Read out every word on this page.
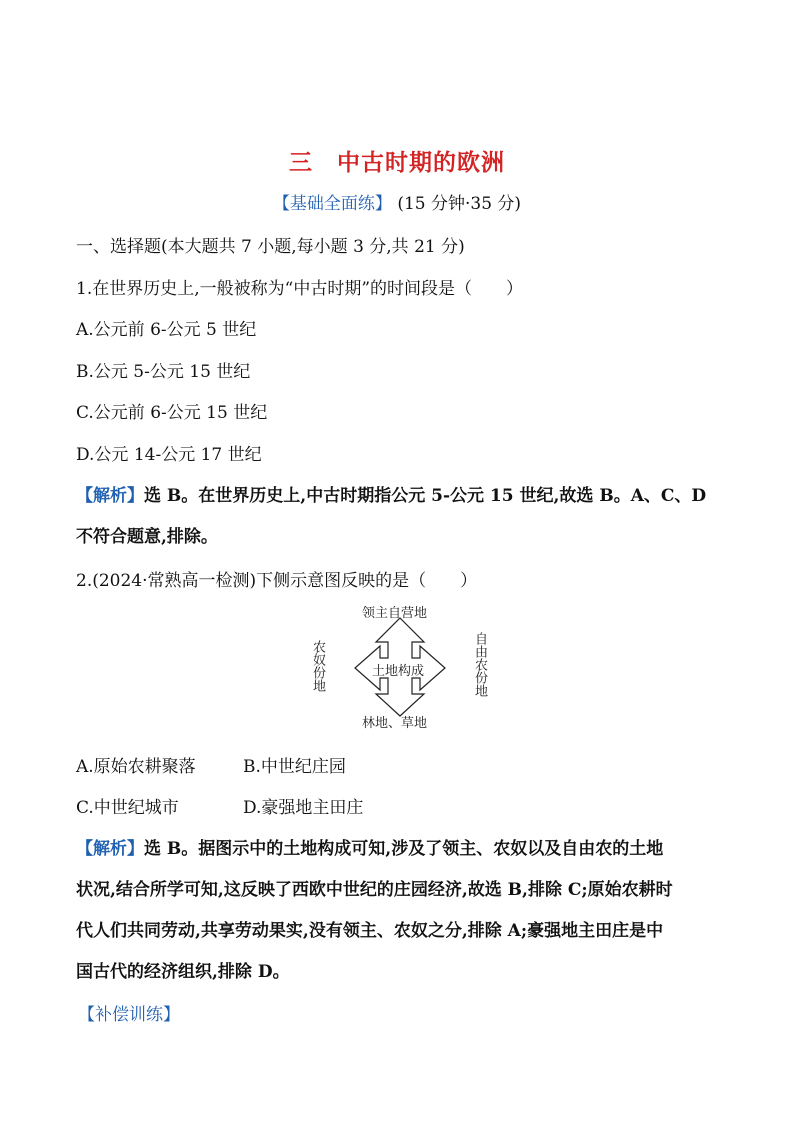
三　中古时期的欧洲
【基础全面练】 (15 分钟·35 分)
一、选择题(本大题共 7 小题,每小题 3 分,共 21 分)
1.在世界历史上,一般被称为“中古时期”的时间段是（　　）
A.公元前 6-公元 5 世纪
B.公元 5-公元 15 世纪
C.公元前 6-公元 15 世纪
D.公元 14-公元 17 世纪
【解析】选 B。在世界历史上,中古时期指公元 5-公元 15 世纪,故选 B。A、C、D
不符合题意,排除。
2.(2024·常熟高一检测)下侧示意图反映的是（　　）
领主自营地
农奴份地	自由农份地
林地、草地
土地构成
A.原始农耕聚落	B.中世纪庄园
C.中世纪城市	D.豪强地主田庄
【解析】选 B。据图示中的土地构成可知,涉及了领主、农奴以及自由农的土地
状况,结合所学可知,这反映了西欧中世纪的庄园经济,故选 B,排除 C;原始农耕时
代人们共同劳动,共享劳动果实,没有领主、农奴之分,排除 A;豪强地主田庄是中
国古代的经济组织,排除 D。
【补偿训练】
